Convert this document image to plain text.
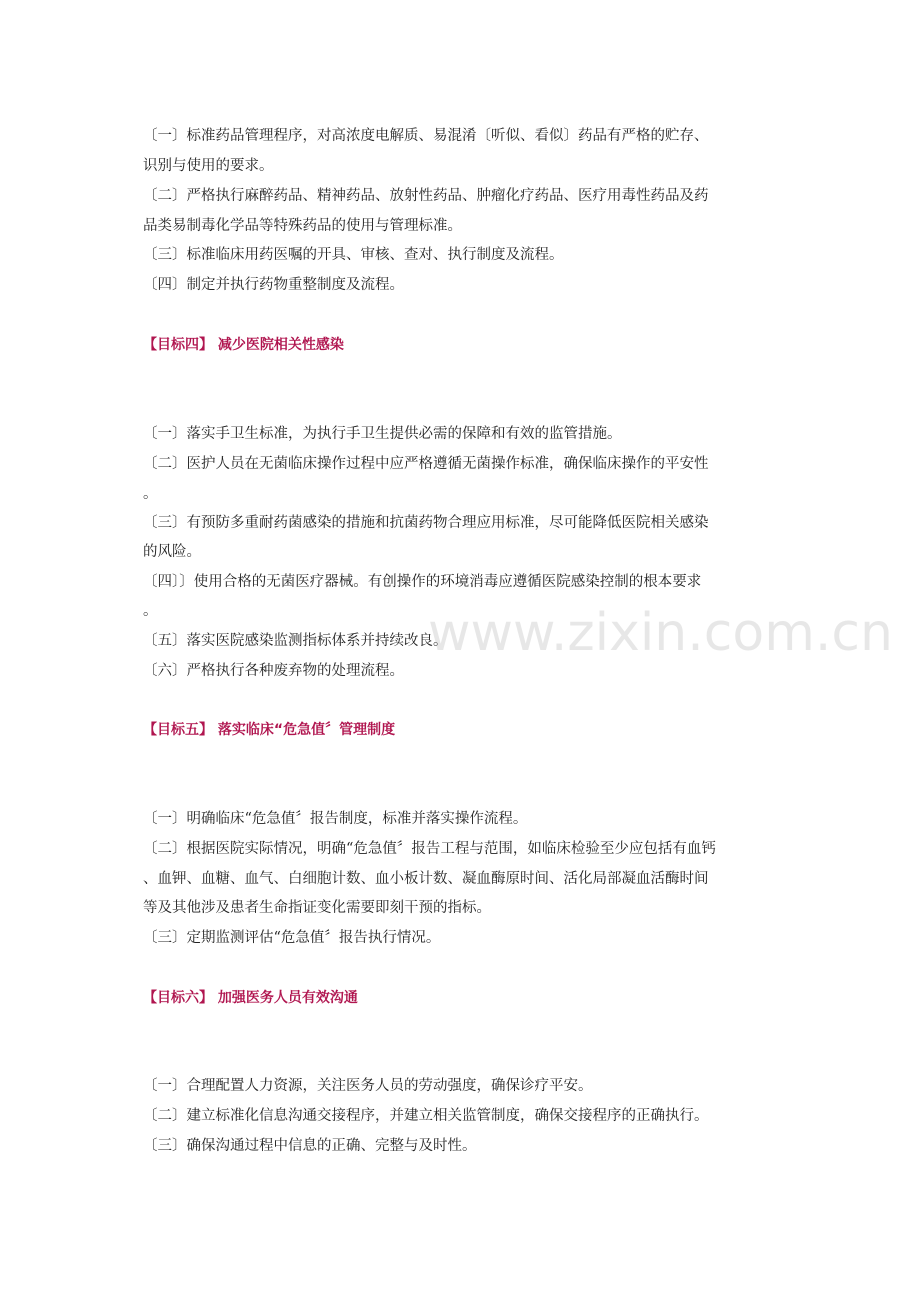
〔一〕标准药品管理程序，对高浓度电解质、易混淆〔听似、看似〕药品有严格的贮存、
识别与使用的要求。
〔二〕严格执行麻醉药品、精神药品、放射性药品、肿瘤化疗药品、医疗用毒性药品及药
品类易制毒化学品等特殊药品的使用与管理标准。
〔三〕标准临床用药医嘱的开具、审核、查对、执行制度及流程。
〔四〕制定并执行药物重整制度及流程。
【目标四】 减少医院相关性感染
〔一〕落实手卫生标准，为执行手卫生提供必需的保障和有效的监管措施。
〔二〕医护人员在无菌临床操作过程中应严格遵循无菌操作标准，确保临床操作的平安性
。
〔三〕有预防多重耐药菌感染的措施和抗菌药物合理应用标准，尽可能降低医院相关感染
的风险。
〔四〕〕使用合格的无菌医疗器械。有创操作的环境消毒应遵循医院感染控制的根本要求
。
〔五〕落实医院感染监测指标体系并持续改良。
〔六〕严格执行各种废弃物的处理流程。
【目标五】 落实临床“危急值〞管理制度
〔一〕明确临床“危急值〞报告制度，标准并落实操作流程。
〔二〕根据医院实际情况，明确“危急值〞报告工程与范围，如临床检验至少应包括有血钙
、血钾、血糖、血气、白细胞计数、血小板计数、凝血酶原时间、活化局部凝血活酶时间
等及其他涉及患者生命指证变化需要即刻干预的指标。
〔三〕定期监测评估“危急值〞报告执行情况。
【目标六】 加强医务人员有效沟通
〔一〕合理配置人力资源，关注医务人员的劳动强度，确保诊疗平安。
〔二〕建立标准化信息沟通交接程序，并建立相关监管制度，确保交接程序的正确执行。
〔三〕确保沟通过程中信息的正确、完整与及时性。
www.zixin.com.cn
